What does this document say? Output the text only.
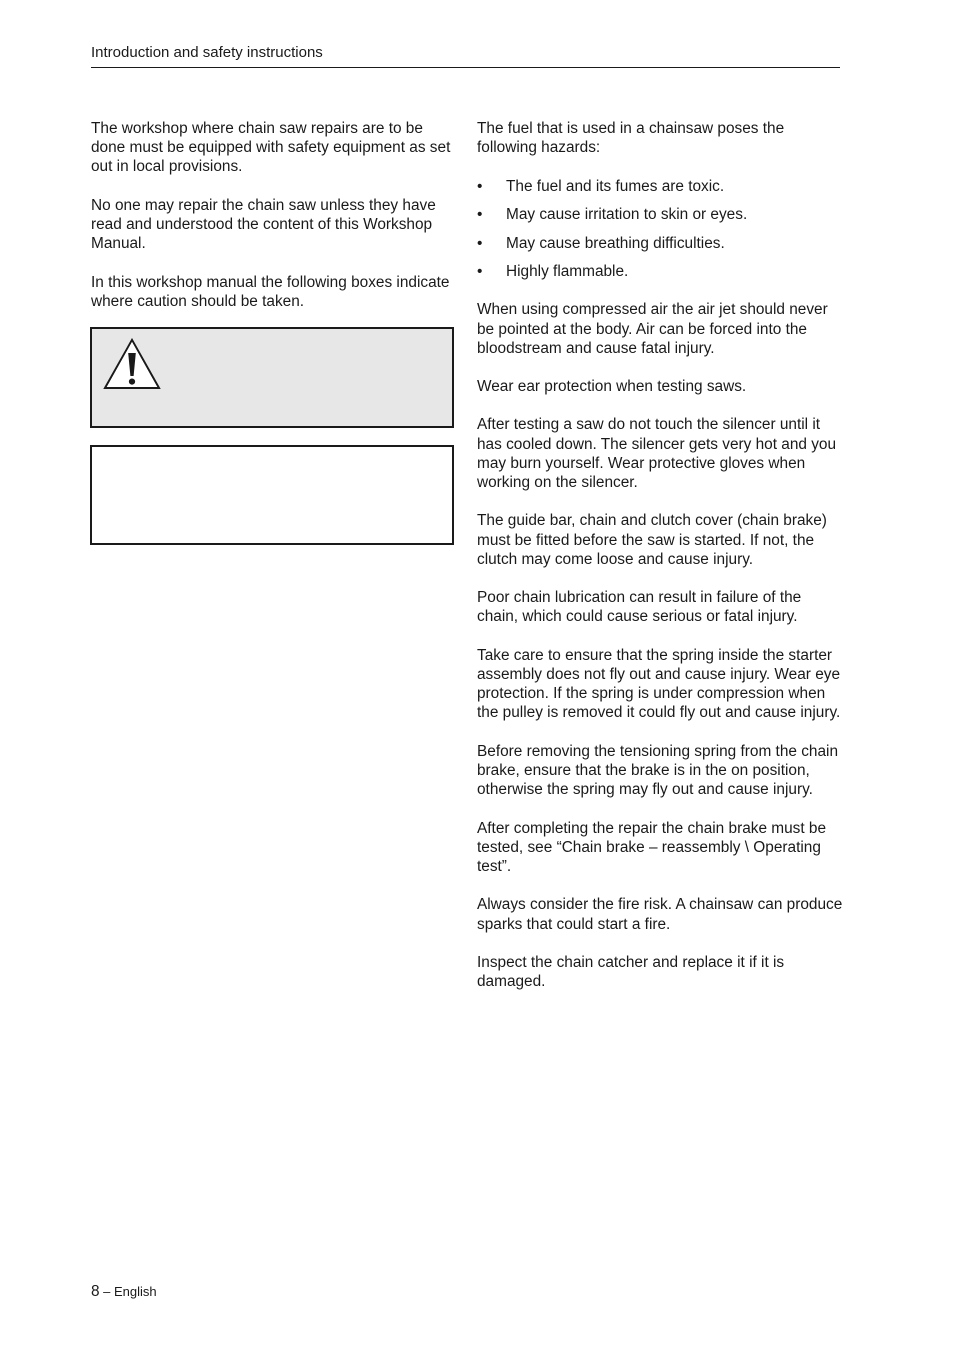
Introduction and safety instructions

The workshop where chain saw repairs are to be done must be equipped with safety equipment as set out in local provisions.

No one may repair the chain saw unless they have read and understood the content of this Workshop Manual.

In this workshop manual the following boxes indicate where caution should be taken.

The fuel that is used in a chainsaw poses the following hazards:

• The fuel and its fumes are toxic.
• May cause irritation to skin or eyes.
• May cause breathing difficulties.
• Highly flammable.

When using compressed air the air jet should never be pointed at the body. Air can be forced into the bloodstream and cause fatal injury.

Wear ear protection when testing saws.

After testing a saw do not touch the silencer until it has cooled down. The silencer gets very hot and you may burn yourself. Wear protective gloves when working on the silencer.

The guide bar, chain and clutch cover (chain brake) must be fitted before the saw is started. If not, the clutch may come loose and cause injury.

Poor chain lubrication can result in failure of the chain, which could cause serious or fatal injury.

Take care to ensure that the spring inside the starter assembly does not fly out and cause injury. Wear eye protection. If the spring is under compression when the pulley is removed it could fly out and cause injury.

Before removing the tensioning spring from the chain brake, ensure that the brake is in the on position, otherwise the spring may fly out and cause injury.

After completing the repair the chain brake must be tested, see “Chain brake – reassembly \ Operating test”.

Always consider the fire risk. A chainsaw can produce sparks that could start a fire.

Inspect the chain catcher and replace it if it is damaged.

8 – English
